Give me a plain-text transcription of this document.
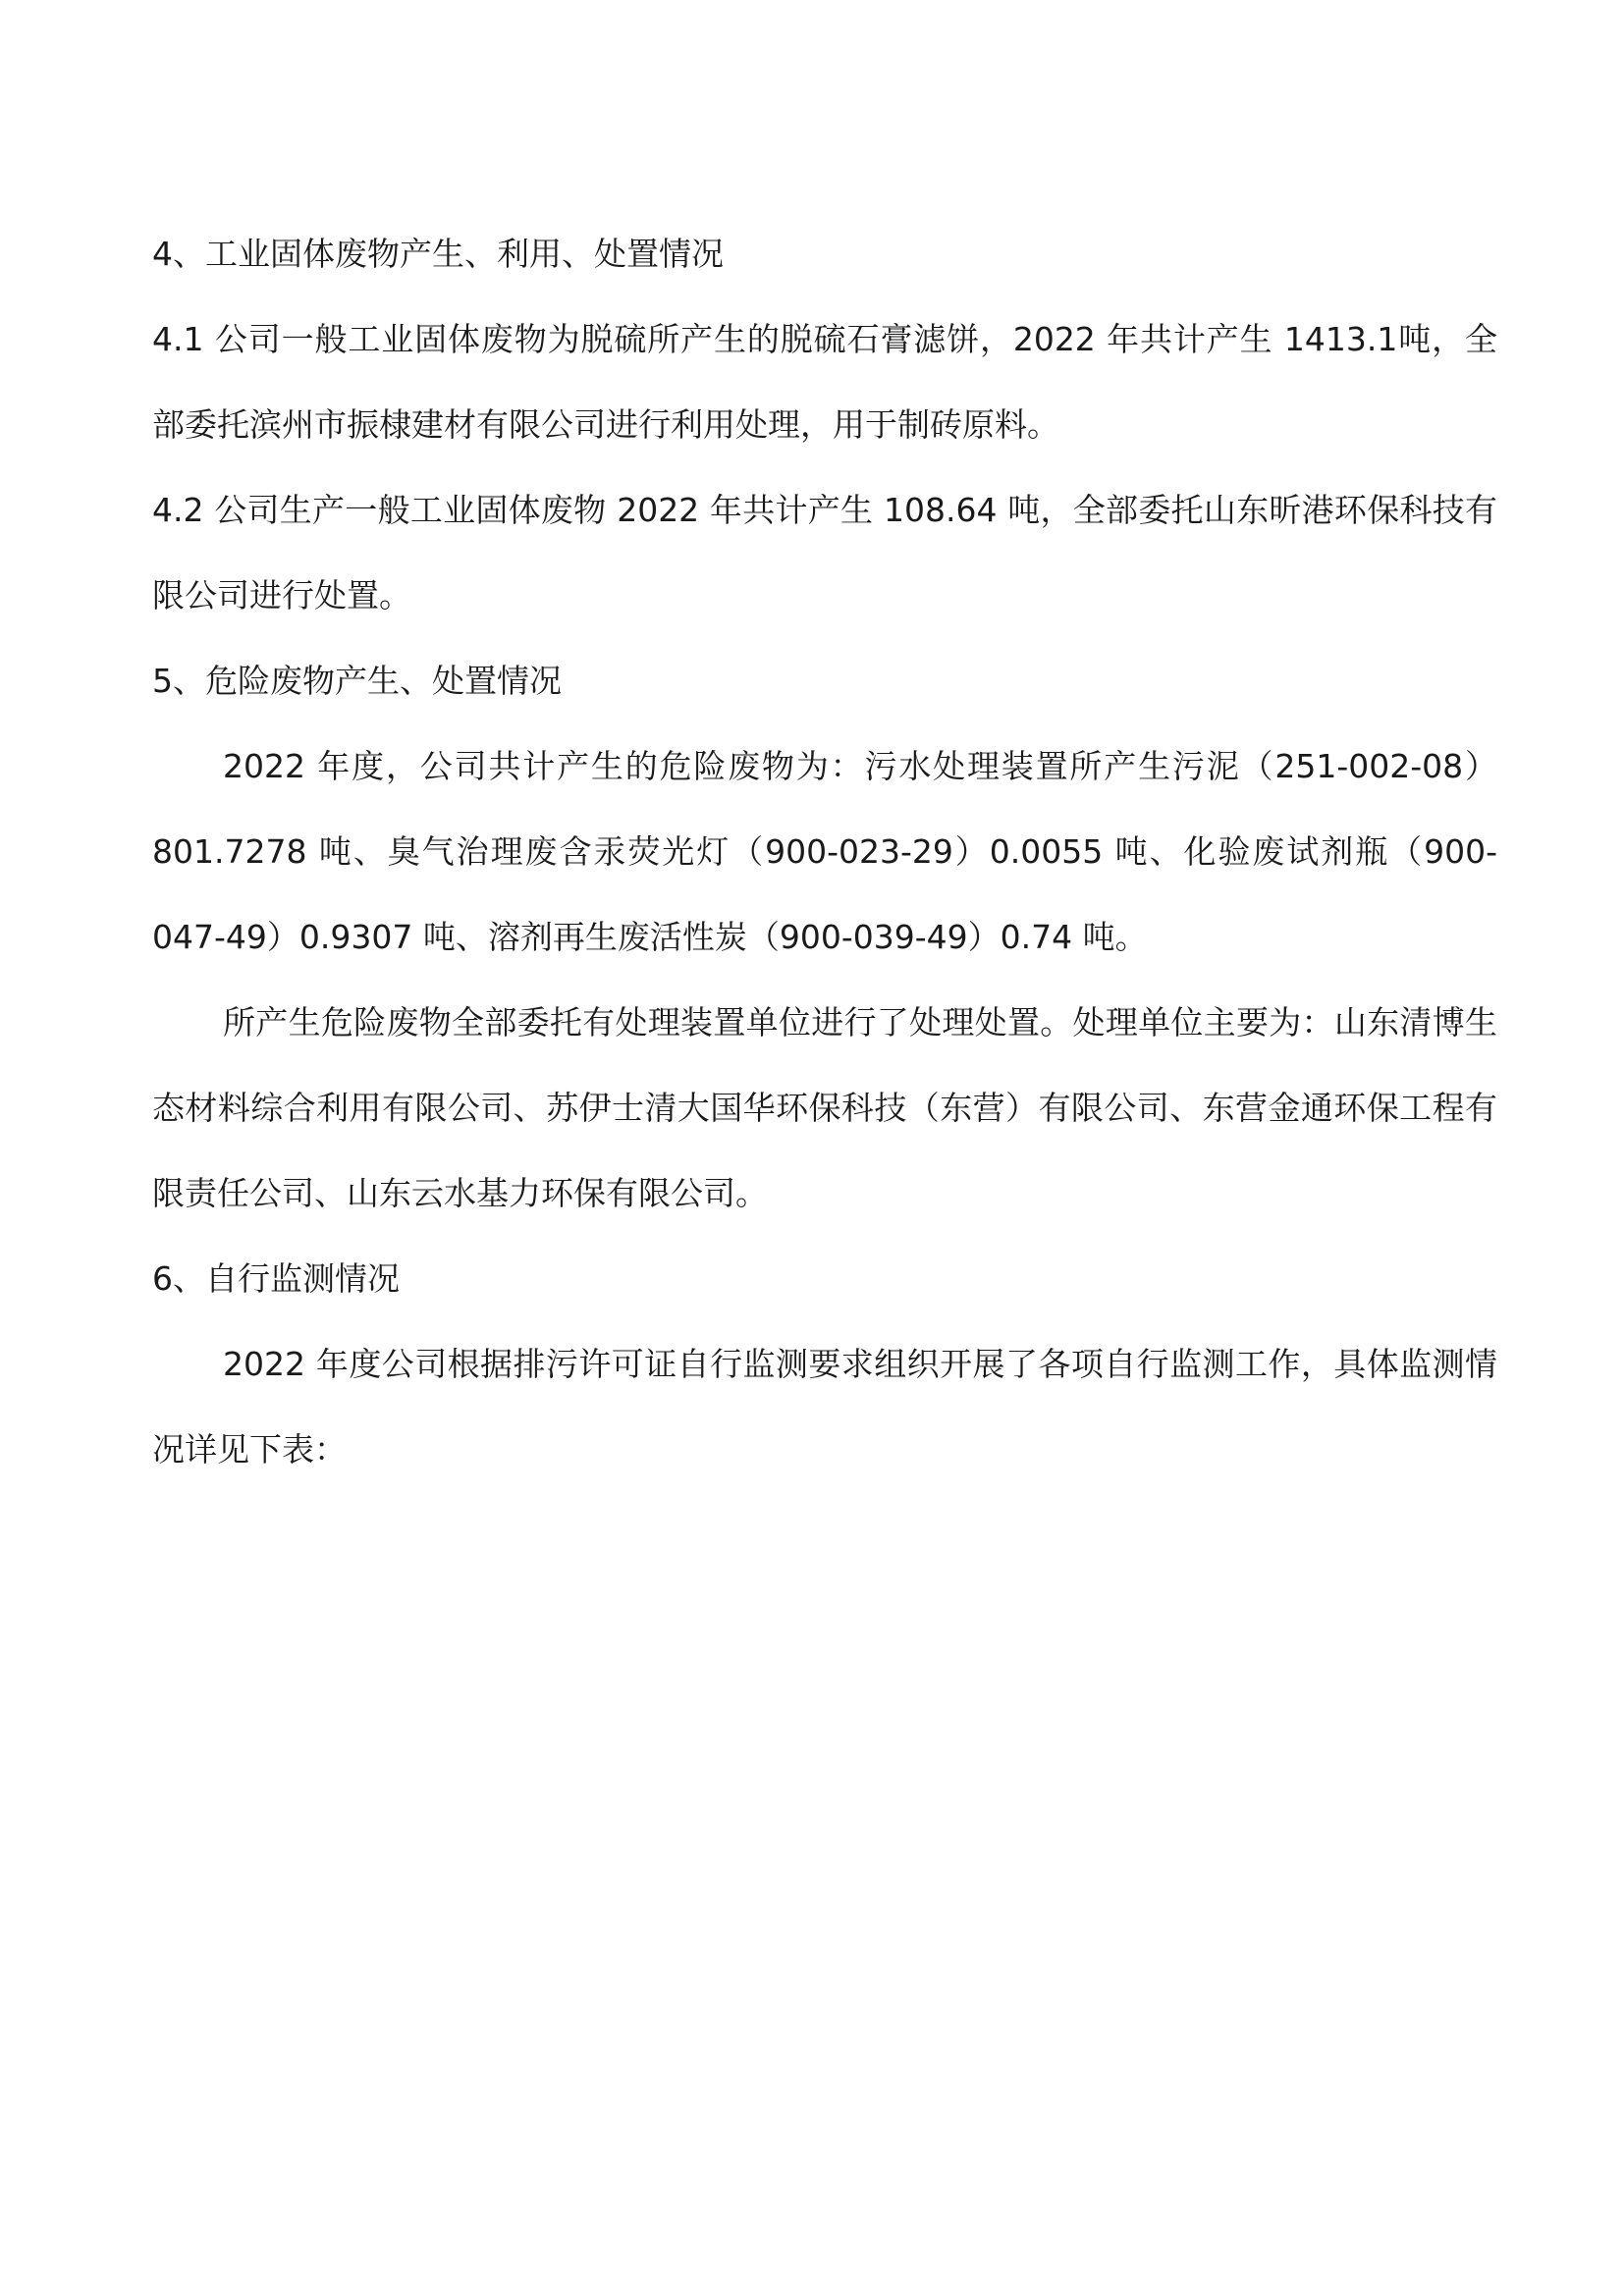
4、工业固体废物产生、利用、处置情况

4.1 公司一般工业固体废物为脱硫所产生的脱硫石膏滤饼，2022 年共计产生 1413.1吨，全部委托滨州市振棣建材有限公司进行利用处理，用于制砖原料。

4.2 公司生产一般工业固体废物 2022 年共计产生 108.64 吨，全部委托山东昕港环保科技有限公司进行处置。

5、危险废物产生、处置情况

2022 年度，公司共计产生的危险废物为：污水处理装置所产生污泥（251-002-08）801.7278 吨、臭气治理废含汞荧光灯（900-023-29）0.0055 吨、化验废试剂瓶（900-047-49）0.9307 吨、溶剂再生废活性炭（900-039-49）0.74 吨。

所产生危险废物全部委托有处理装置单位进行了处理处置。处理单位主要为：山东清博生态材料综合利用有限公司、苏伊士清大国华环保科技（东营）有限公司、东营金通环保工程有限责任公司、山东云水基力环保有限公司。

6、自行监测情况

2022 年度公司根据排污许可证自行监测要求组织开展了各项自行监测工作，具体监测情况详见下表：
